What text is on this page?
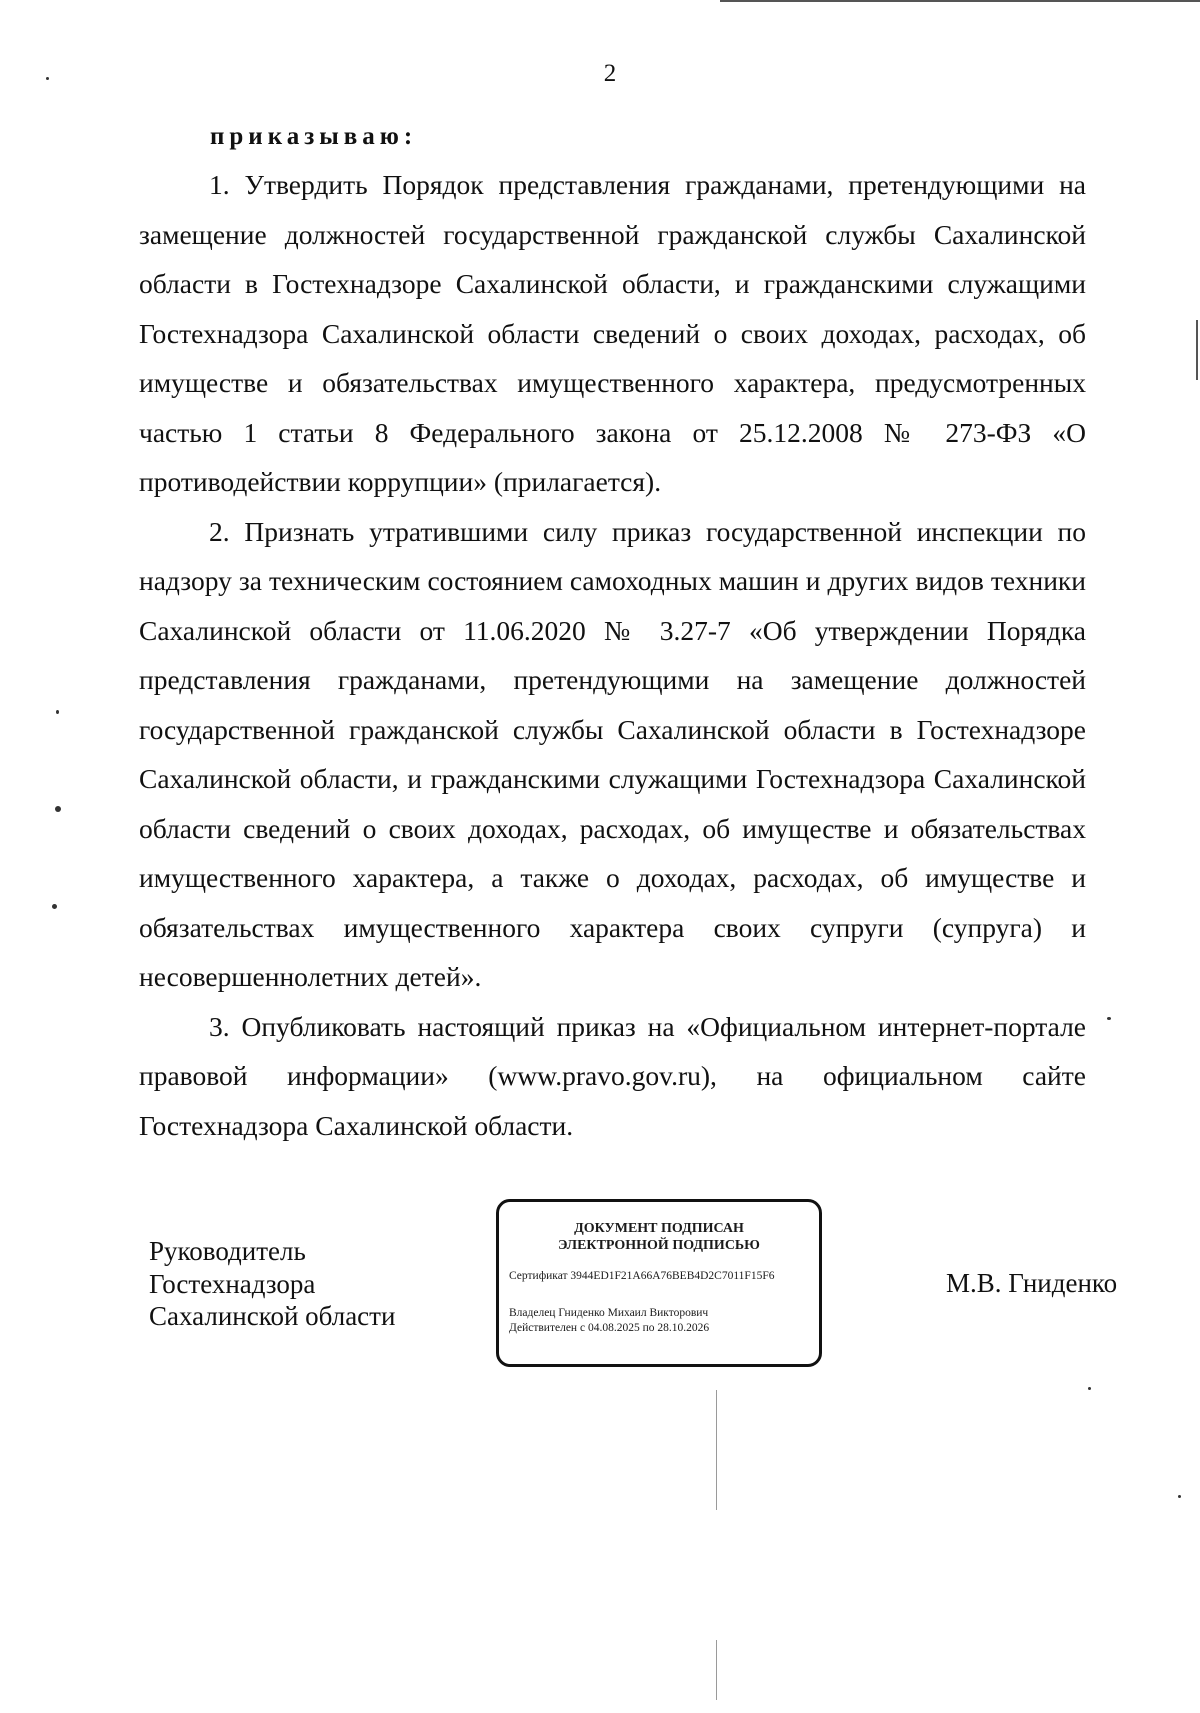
2
приказываю:

1. Утвердить Порядок представления гражданами, претендующими на замещение должностей государственной гражданской службы Сахалинской области в Гостехнадзоре Сахалинской области, и гражданскими служащими Гостехнадзора Сахалинской области сведений о своих доходах, расходах, об имуществе и обязательствах имущественного характера, предусмотренных частью 1 статьи 8 Федерального закона от 25.12.2008 № 273-ФЗ «О противодействии коррупции» (прилагается).

2. Признать утратившими силу приказ государственной инспекции по надзору за техническим состоянием самоходных машин и других видов техники Сахалинской области от 11.06.2020 № 3.27-7 «Об утверждении Порядка представления гражданами, претендующими на замещение должностей государственной гражданской службы Сахалинской области в Гостехнадзоре Сахалинской области, и гражданскими служащими Гостехнадзора Сахалинской области сведений о своих доходах, расходах, об имуществе и обязательствах имущественного характера, а также о доходах, расходах, об имуществе и обязательствах имущественного характера своих супруги (супруга) и несовершеннолетних детей».

3. Опубликовать настоящий приказ на «Официальном интернет-портале правовой информации» (www.pravo.gov.ru), на официальном сайте Гостехнадзора Сахалинской области.

Руководитель
Гостехнадзора
Сахалинской области
ДОКУМЕНТ ПОДПИСАН
ЭЛЕКТРОННОЙ ПОДПИСЬЮ
Сертификат 3944ED1F21A66A76BEB4D2C7011F15F6
Владелец Гниденко Михаил Викторович
Действителен с 04.08.2025 по 28.10.2026
М.В. Гниденко
